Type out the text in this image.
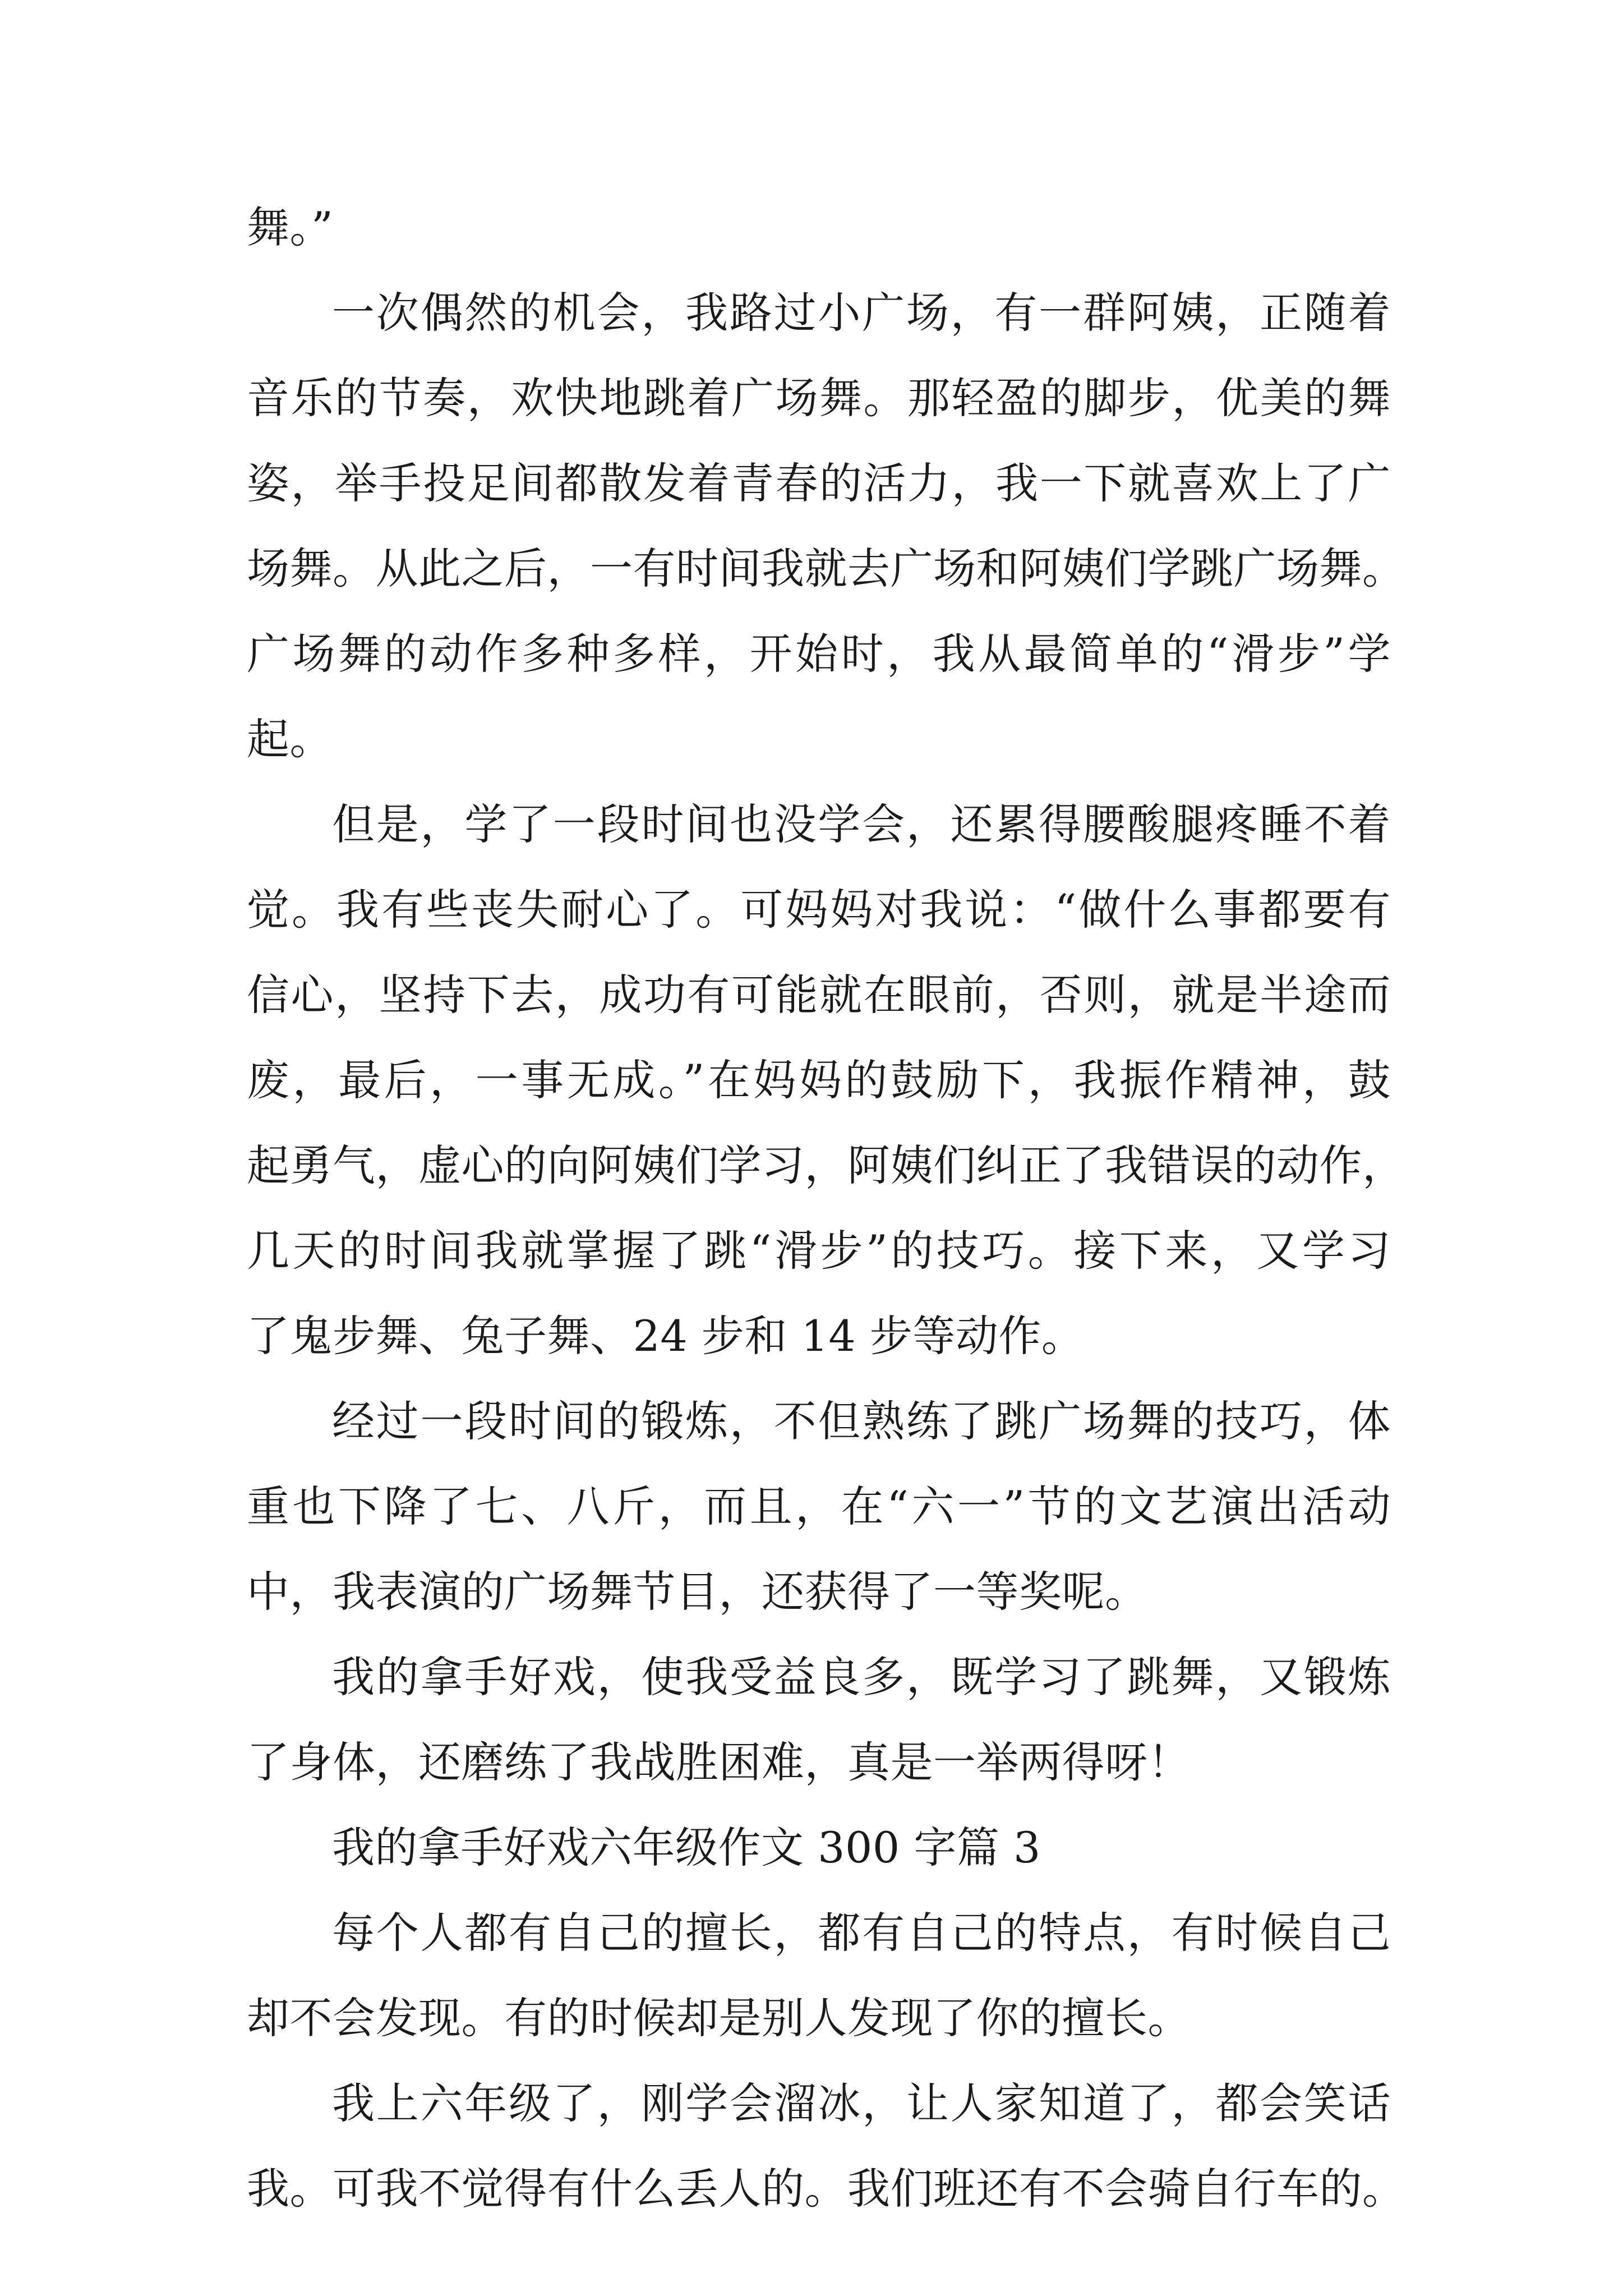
舞。”
一次偶然的机会，我路过小广场，有一群阿姨，正随着
音乐的节奏，欢快地跳着广场舞。那轻盈的脚步，优美的舞
姿，举手投足间都散发着青春的活力，我一下就喜欢上了广
场舞。从此之后，一有时间我就去广场和阿姨们学跳广场舞。
广场舞的动作多种多样，开始时，我从最简单的“滑步”学
起。
但是，学了一段时间也没学会，还累得腰酸腿疼睡不着
觉。我有些丧失耐心了。可妈妈对我说：“做什么事都要有
信心，坚持下去，成功有可能就在眼前，否则，就是半途而
废，最后，一事无成。”在妈妈的鼓励下，我振作精神，鼓
起勇气，虚心的向阿姨们学习，阿姨们纠正了我错误的动作，
几天的时间我就掌握了跳“滑步”的技巧。接下来，又学习
了鬼步舞、兔子舞、24 步和 14 步等动作。
经过一段时间的锻炼，不但熟练了跳广场舞的技巧，体
重也下降了七、八斤，而且，在“六一”节的文艺演出活动
中，我表演的广场舞节目，还获得了一等奖呢。
我的拿手好戏，使我受益良多，既学习了跳舞，又锻炼
了身体，还磨练了我战胜困难，真是一举两得呀！
我的拿手好戏六年级作文 300 字篇 3
每个人都有自己的擅长，都有自己的特点，有时候自己
却不会发现。有的时候却是别人发现了你的擅长。
我上六年级了，刚学会溜冰，让人家知道了，都会笑话
我。可我不觉得有什么丢人的。我们班还有不会骑自行车的。
